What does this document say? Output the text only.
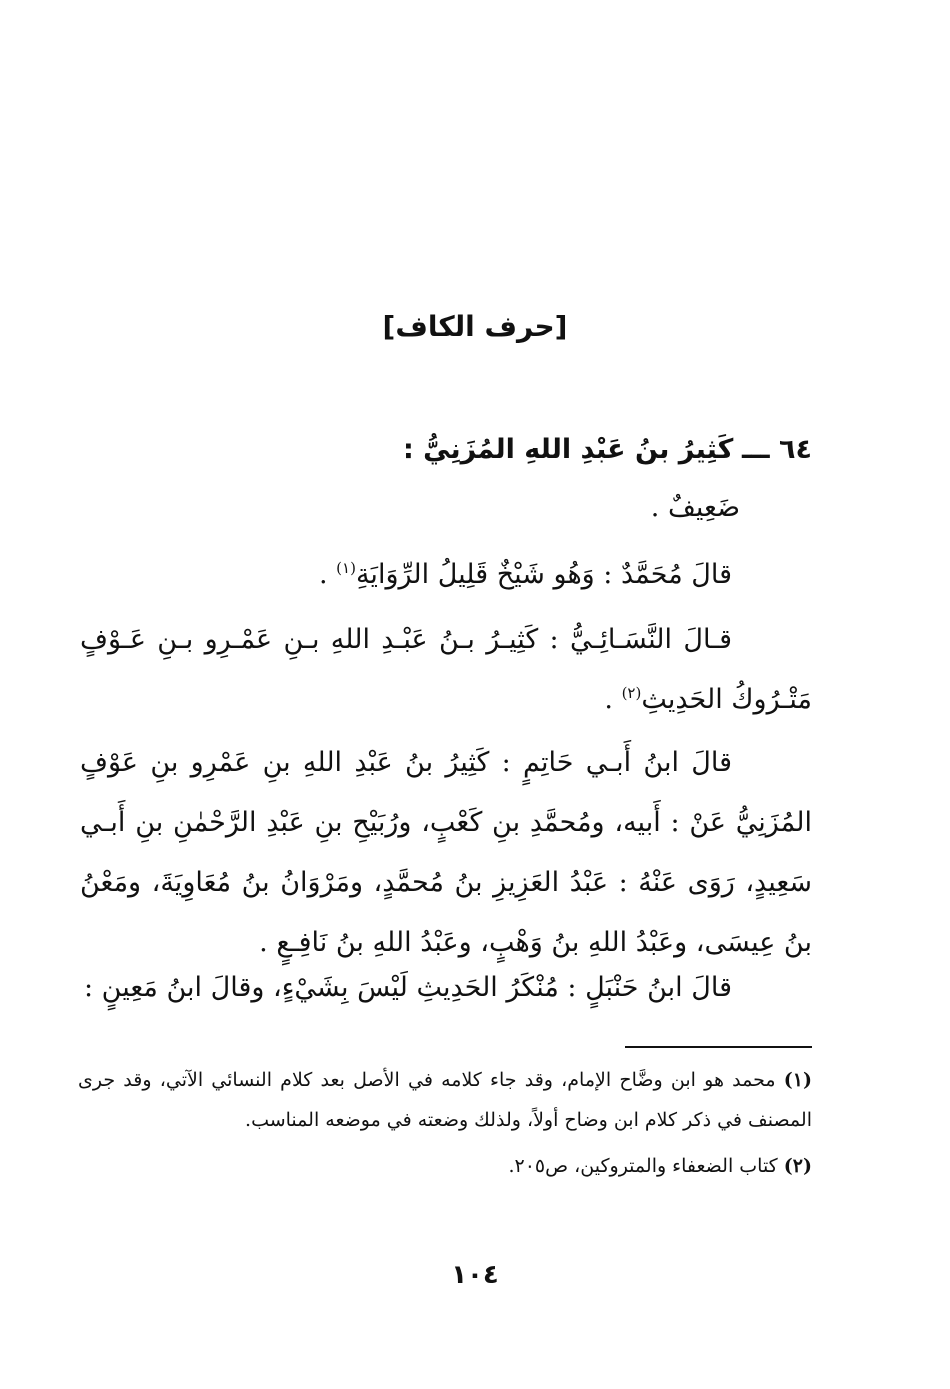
[حرف الكاف]
٦٤ ـــ كَثِيرُ بنُ عَبْدِ اللهِ المُزَنِيُّ :
ضَعِيفٌ .
قالَ مُحَمَّدٌ : وَهُو شَيْخٌ قَلِيلُ الرِّوَايَةِ$^{(١)}$ .
قـالَ النَّسَـائِـيُّ : كَثِيـرُ بـنُ عَبْـدِ اللهِ بـنِ عَمْـرِو بـنِ عَـوْفٍ مَتْـرُوكُ الحَدِيثِ$^{(٢)}$ .
قالَ ابنُ أَبـي حَاتِمٍ : كَثِيرُ بنُ عَبْدِ اللهِ بنِ عَمْرِو بنِ عَوْفٍ المُزَنِيُّ عَنْ : أَبيه، ومُحمَّدِ بنِ كَعْبٍ، ورُبَيْحِ بنِ عَبْدِ الرَّحْمٰنِ بنِ أَبـي سَعِيدٍ، رَوَى عَنْهُ : عَبْدُ العَزِيزِ بنُ مُحمَّدٍ، ومَرْوَانُ بنُ مُعَاوِيَةَ، ومَعْنُ بنُ عِيسَى، وعَبْدُ اللهِ بنُ وَهْبٍ، وعَبْدُ اللهِ بنُ نَافِـعٍ .
قالَ ابنُ حَنْبَلٍ : مُنْكَرُ الحَدِيثِ لَيْسَ بِشَيْءٍ، وقالَ ابنُ مَعِينٍ :

(١) محمد هو ابن وضَّاح الإمام، وقد جاء كلامه في الأصل بعد كلام النسائي الآتي، وقد جرى المصنف في ذكر كلام ابن وضاح أولاً، ولذلك وضعته في موضعه المناسب.

(٢) كتاب الضعفاء والمتروكين، ص٢٠٥.

١٠٤
